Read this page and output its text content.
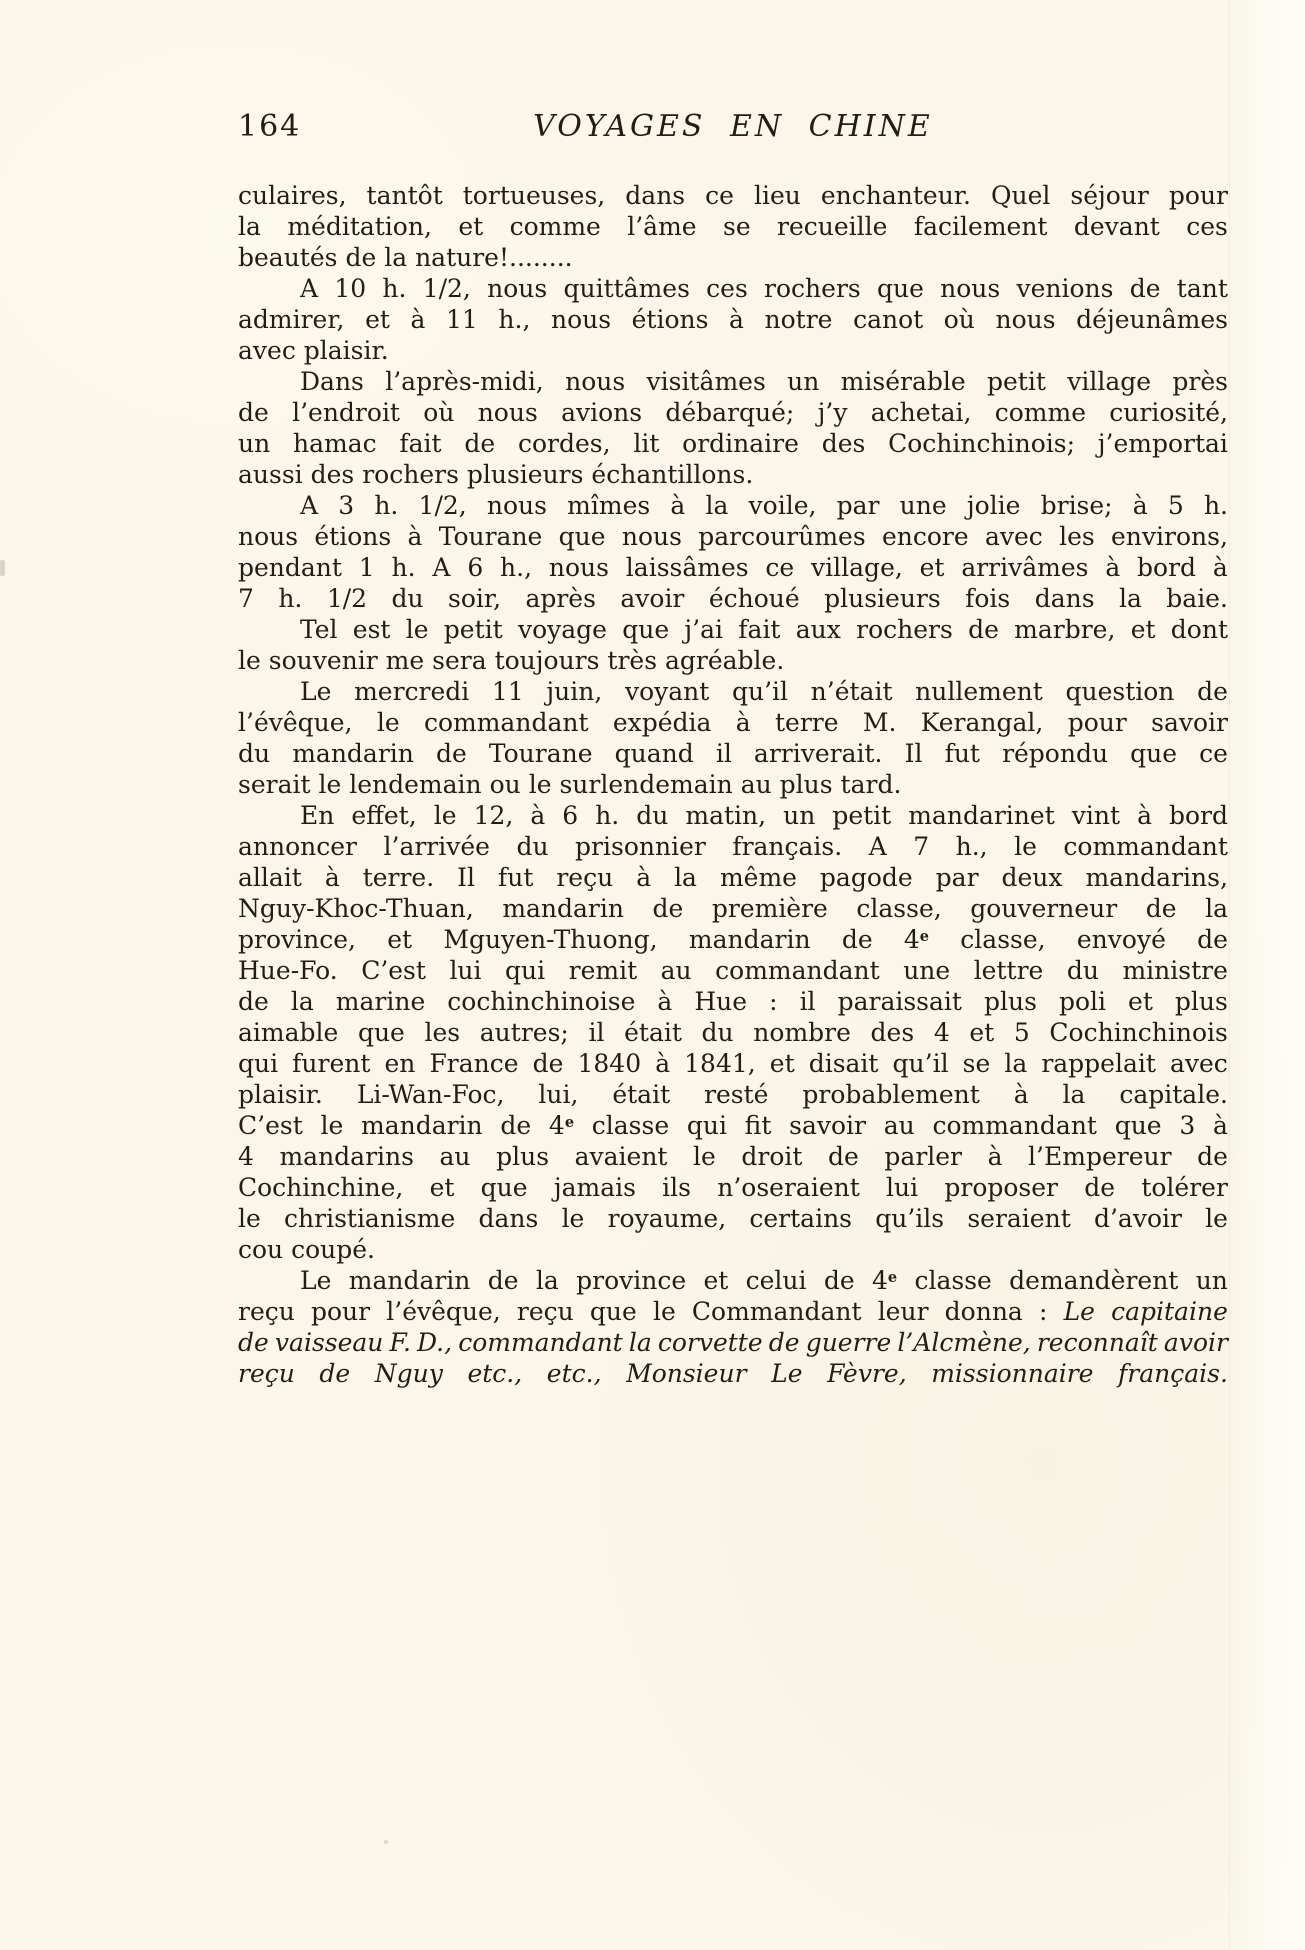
164	VOYAGES EN CHINE
culaires, tantôt tortueuses, dans ce lieu enchanteur. Quel séjour pour
la méditation, et comme l’âme se recueille facilement devant ces
beautés de la nature!........
A 10 h. 1/2, nous quittâmes ces rochers que nous venions de tant
admirer, et à 11 h., nous étions à notre canot où nous déjeunâmes
avec plaisir.
Dans l’après-midi, nous visitâmes un misérable petit village près
de l’endroit où nous avions débarqué; j’y achetai, comme curiosité,
un hamac fait de cordes, lit ordinaire des Cochinchinois; j’emportai
aussi des rochers plusieurs échantillons.
A 3 h. 1/2, nous mîmes à la voile, par une jolie brise; à 5 h.
nous étions à Tourane que nous parcourûmes encore avec les environs,
pendant 1 h. A 6 h., nous laissâmes ce village, et arrivâmes à bord à
7 h. 1/2 du soir, après avoir échoué plusieurs fois dans la baie.
Tel est le petit voyage que j’ai fait aux rochers de marbre, et dont
le souvenir me sera toujours très agréable.
Le mercredi 11 juin, voyant qu’il n’était nullement question de
l’évêque, le commandant expédia à terre M. Kerangal, pour savoir
du mandarin de Tourane quand il arriverait. Il fut répondu que ce
serait le lendemain ou le surlendemain au plus tard.
En effet, le 12, à 6 h. du matin, un petit mandarinet vint à bord
annoncer l’arrivée du prisonnier français. A 7 h., le commandant
allait à terre. Il fut reçu à la même pagode par deux mandarins,
Nguy-Khoc-Thuan, mandarin de première classe, gouverneur de la
province, et Mguyen-Thuong, mandarin de 4e classe, envoyé de
Hue-Fo. C’est lui qui remit au commandant une lettre du ministre
de la marine cochinchinoise à Hue : il paraissait plus poli et plus
aimable que les autres; il était du nombre des 4 et 5 Cochinchinois
qui furent en France de 1840 à 1841, et disait qu’il se la rappelait avec
plaisir. Li-Wan-Foc, lui, était resté probablement à la capitale.
C’est le mandarin de 4e classe qui fit savoir au commandant que 3 à
4 mandarins au plus avaient le droit de parler à l’Empereur de
Cochinchine, et que jamais ils n’oseraient lui proposer de tolérer
le christianisme dans le royaume, certains qu’ils seraient d’avoir le
cou coupé.
Le mandarin de la province et celui de 4e classe demandèrent un
reçu pour l’évêque, reçu que le Commandant leur donna : Le capitaine
de vaisseau F. D., commandant la corvette de guerre l’Alcmène, reconnaît avoir
reçu de Nguy etc., etc., Monsieur Le Fèvre, missionnaire français.
